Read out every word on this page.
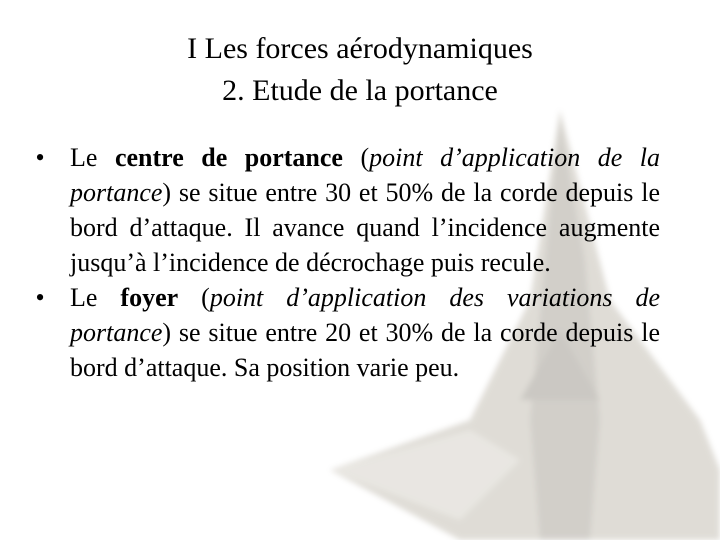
I Les forces aérodynamiques
2. Etude de la portance
• Le centre de portance (point d’application de la portance) se situe entre 30 et 50% de la corde depuis le bord d’attaque. Il avance quand l’incidence augmente jusqu’à l’incidence de décrochage puis recule.
• Le foyer (point d’application des variations de portance) se situe entre 20 et 30% de la corde depuis le bord d’attaque. Sa position varie peu.
